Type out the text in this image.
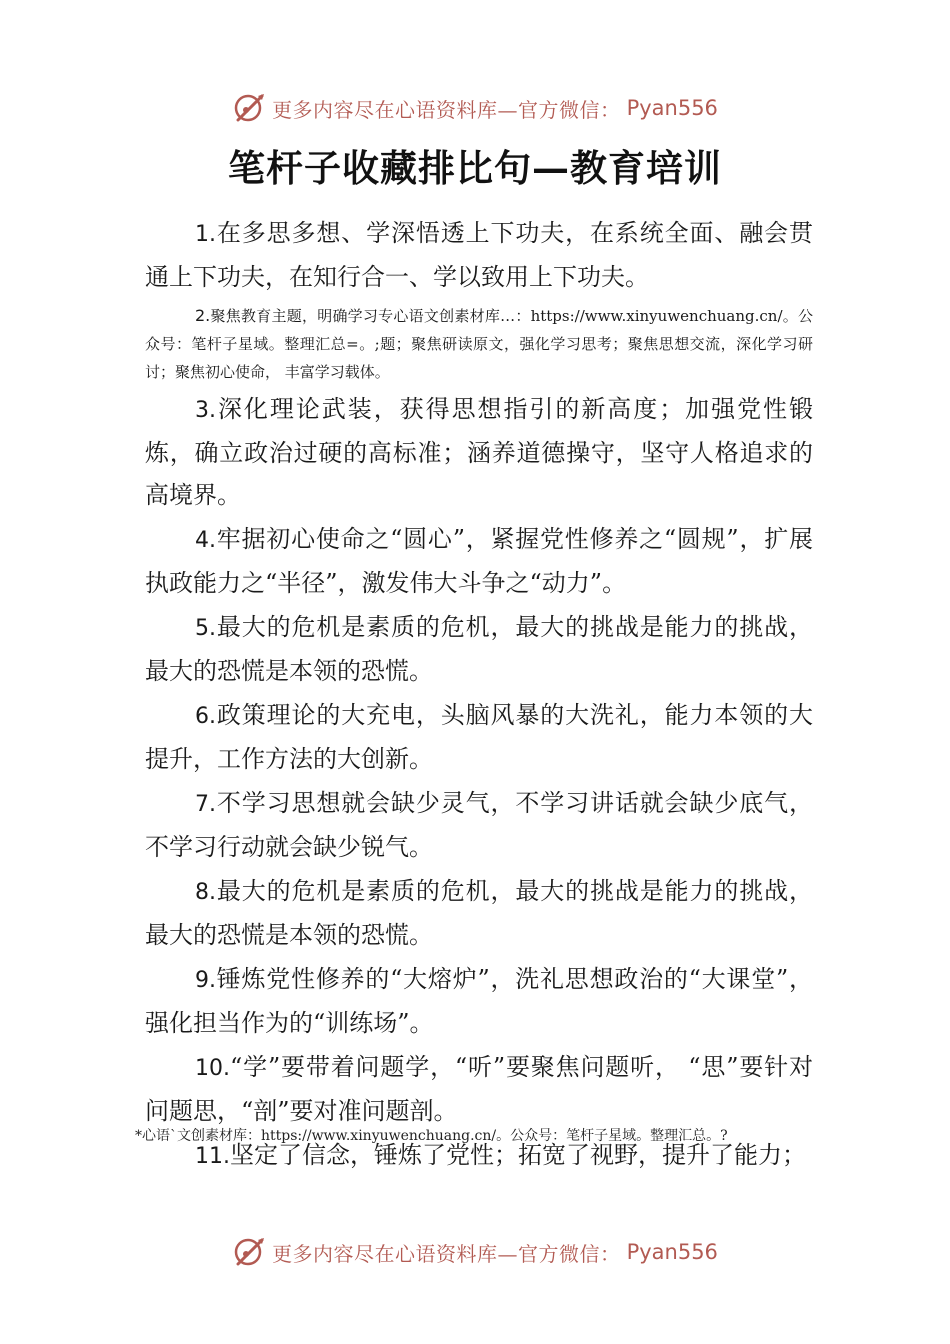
更多内容尽在心语资料库—官方微信： Pyan556
笔杆子收藏排比句—教育培训

1.在多思多想、学深悟透上下功夫，在系统全面、融会贯通上下功夫，在知行合一、学以致用上下功夫。

2.聚焦教育主题，明确学习专心语文创素材库…：https://www.xinyuwenchuang.cn/。公众号：笔杆子星域。整理汇总=。;题；聚焦研读原文，强化学习思考；聚焦思想交流，深化学习研讨；聚焦初心使命， 丰富学习载体。

3.深化理论武装，获得思想指引的新高度；加强党性锻炼，确立政治过硬的高标准；涵养道德操守，坚守人格追求的高境界。

4.牢据初心使命之“圆心”，紧握党性修养之“圆规”，扩展执政能力之“半径”，激发伟大斗争之“动力”。

5.最大的危机是素质的危机，最大的挑战是能力的挑战，最大的恐慌是本领的恐慌。

6.政策理论的大充电，头脑风暴的大洗礼，能力本领的大提升，工作方法的大创新。

7.不学习思想就会缺少灵气，不学习讲话就会缺少底气，不学习行动就会缺少锐气。

8.最大的危机是素质的危机，最大的挑战是能力的挑战，最大的恐慌是本领的恐慌。

9.锤炼党性修养的“大熔炉”，洗礼思想政治的“大课堂”，强化担当作为的“训练场”。

10.“学”要带着问题学，“听”要聚焦问题听， “思”要针对问题思，“剖”要对准问题剖。

11.坚定了信念，锤炼了党性；拓宽了视野，提升了能力；

*心语`文创素材库：https://www.xinyuwenchuang.cn/。公众号：笔杆子星域。整理汇总。?
更多内容尽在心语资料库—官方微信： Pyan556
